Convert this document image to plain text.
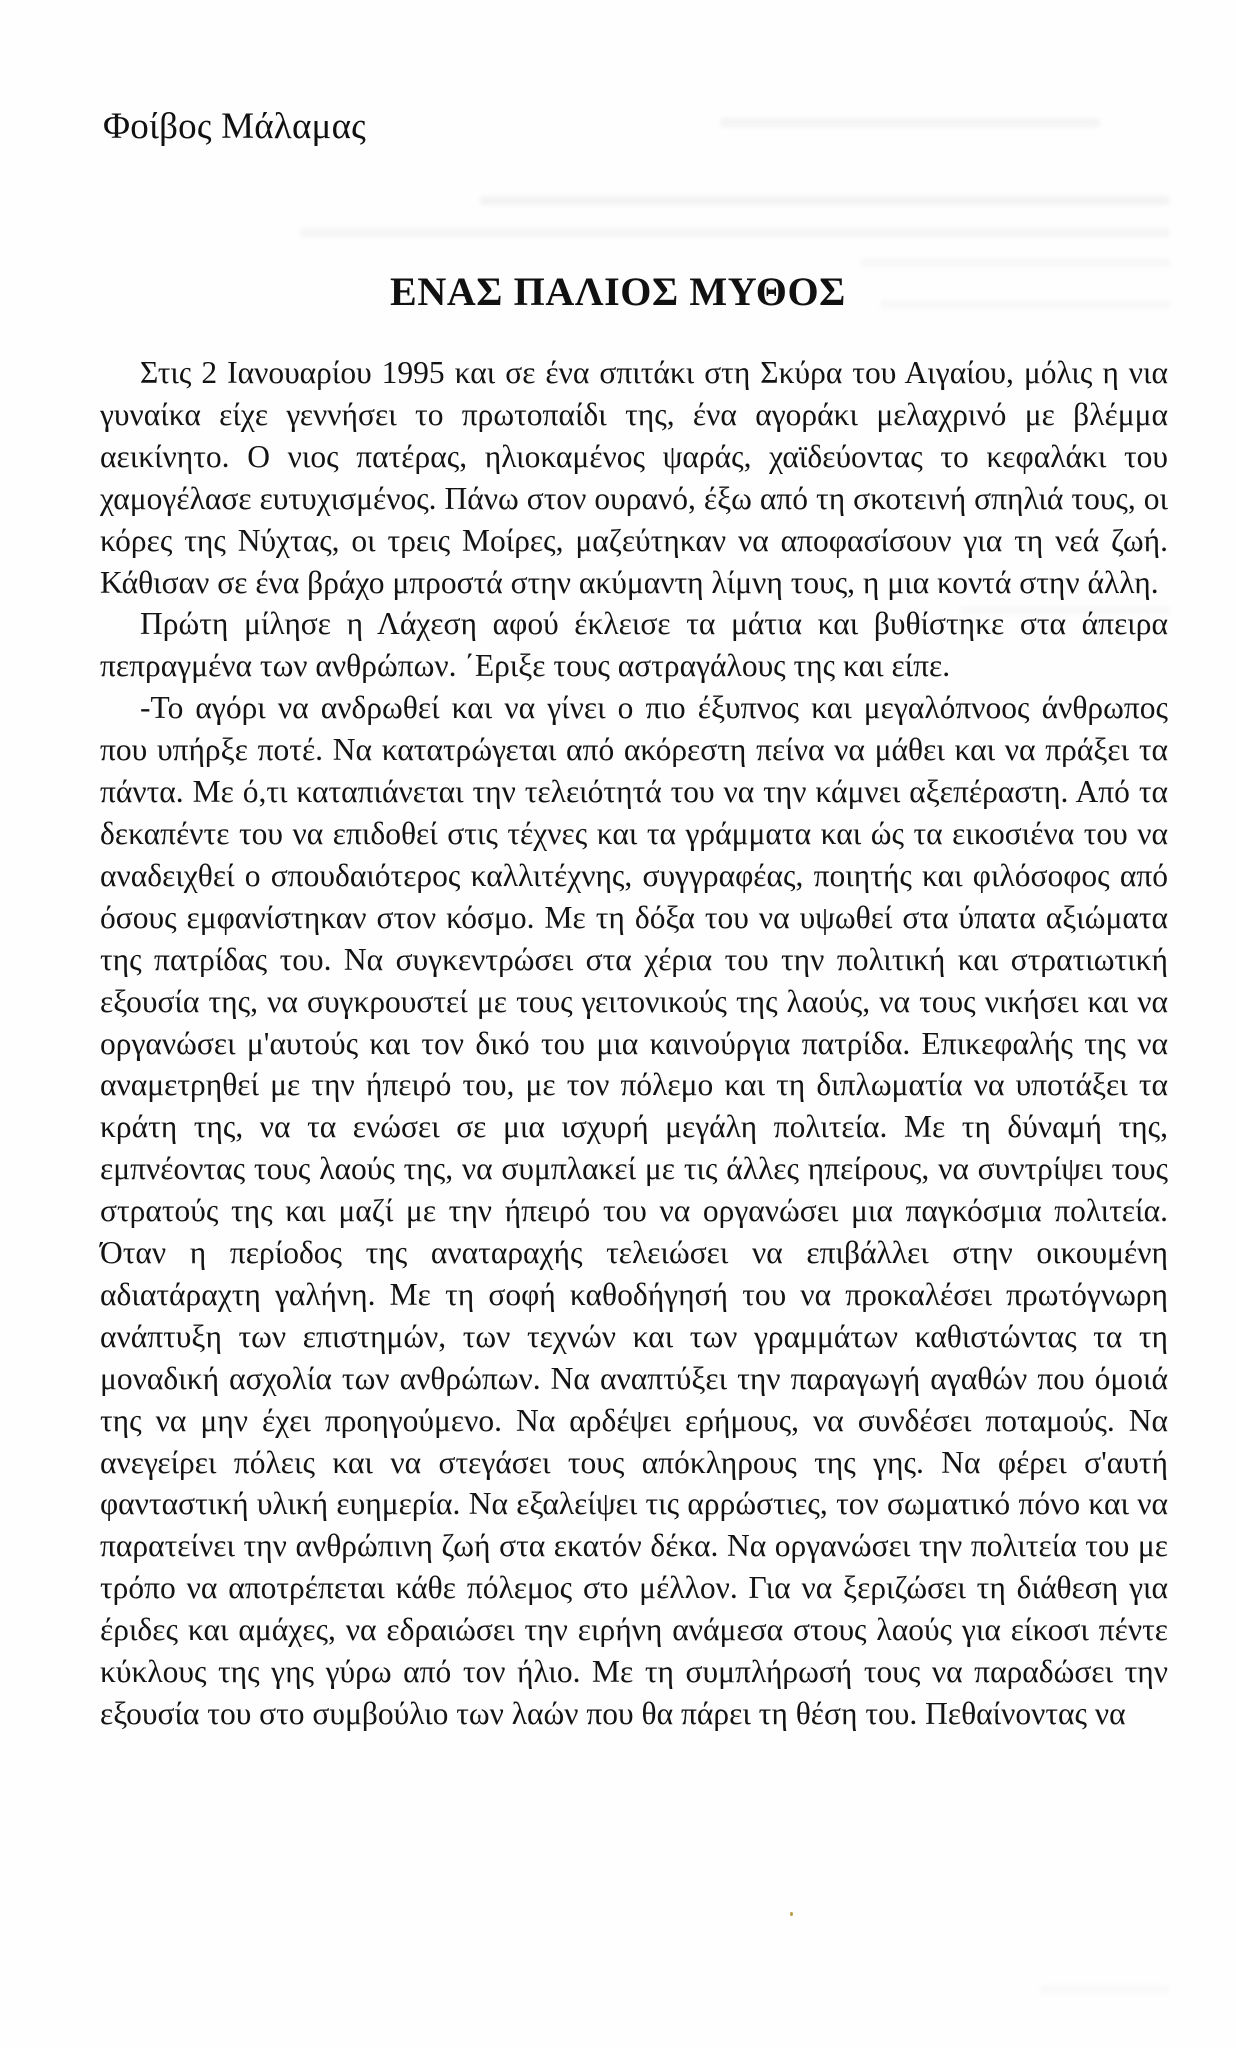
Φοίβος Μάλαμας
ΕΝΑΣ ΠΑΛΙΟΣ ΜΥΘΟΣ

Στις 2 Ιανουαρίου 1995 και σε ένα σπιτάκι στη Σκύρα του Αιγαίου, μόλις η νια γυναίκα είχε γεννήσει το πρωτοπαίδι της, ένα αγοράκι μελαχρινό με βλέμμα αεικίνητο. Ο νιος πατέρας, ηλιοκαμένος ψαράς, χαϊδεύοντας το κεφαλάκι του χαμογέλασε ευτυχισμένος. Πάνω στον ουρανό, έξω από τη σκοτεινή σπηλιά τους, οι κόρες της Νύχτας, οι τρεις Μοίρες, μαζεύτηκαν να αποφασίσουν για τη νεά ζωή. Κάθισαν σε ένα βράχο μπροστά στην ακύμαντη λίμνη τους, η μια κοντά στην άλλη.

Πρώτη μίλησε η Λάχεση αφού έκλεισε τα μάτια και βυθίστηκε στα άπειρα πεπραγμένα των ανθρώπων. ΄Εριξε τους αστραγάλους της και είπε.

-Το αγόρι να ανδρωθεί και να γίνει ο πιο έξυπνος και μεγαλόπνοος άνθρωπος που υπήρξε ποτέ. Να κατατρώγεται από ακόρεστη πείνα να μάθει και να πράξει τα πάντα. Με ό,τι καταπιάνεται την τελειότητά του να την κάμνει αξεπέραστη. Από τα δεκαπέντε του να επιδοθεί στις τέχνες και τα γράμματα και ώς τα εικοσιένα του να αναδειχθεί ο σπουδαιότερος καλλιτέχνης, συγγραφέας, ποιητής και φιλόσοφος από όσους εμφανίστηκαν στον κόσμο. Με τη δόξα του να υψωθεί στα ύπατα αξιώματα της πατρίδας του. Να συγκεντρώσει στα χέρια του την πολιτική και στρατιωτική εξουσία της, να συγκρουστεί με τους γειτονικούς της λαούς, να τους νικήσει και να οργανώσει μ'αυτούς και τον δικό του μια καινούργια πατρίδα. Επικεφαλής της να αναμετρηθεί με την ήπειρό του, με τον πόλεμο και τη διπλωματία να υποτάξει τα κράτη της, να τα ενώσει σε μια ισχυρή μεγάλη πολιτεία. Με τη δύναμή της, εμπνέοντας τους λαούς της, να συμπλακεί με τις άλλες ηπείρους, να συντρίψει τους στρατούς της και μαζί με την ήπειρό του να οργανώσει μια παγκόσμια πολιτεία. Όταν η περίοδος της αναταραχής τελειώσει να επιβάλλει στην οικουμένη αδιατάραχτη γαλήνη. Με τη σοφή καθοδήγησή του να προκαλέσει πρωτόγνωρη ανάπτυξη των επιστημών, των τεχνών και των γραμμάτων καθιστώντας τα τη μοναδική ασχολία των ανθρώπων. Να αναπτύξει την παραγωγή αγαθών που όμοιά της να μην έχει προηγούμενο. Να αρδέψει ερήμους, να συνδέσει ποταμούς. Να ανεγείρει πόλεις και να στεγάσει τους απόκληρους της γης. Να φέρει σ'αυτή φανταστική υλική ευημερία. Να εξαλείψει τις αρρώστιες, τον σωματικό πόνο και να παρατείνει την ανθρώπινη ζωή στα εκατόν δέκα. Να οργανώσει την πολιτεία του με τρόπο να αποτρέπεται κάθε πόλεμος στο μέλλον. Για να ξεριζώσει τη διάθεση για έριδες και αμάχες, να εδραιώσει την ειρήνη ανάμεσα στους λαούς για είκοσι πέντε κύκλους της γης γύρω από τον ήλιο. Με τη συμπλήρωσή τους να παραδώσει την εξουσία του στο συμβούλιο των λαών που θα πάρει τη θέση του. Πεθαίνοντας να
